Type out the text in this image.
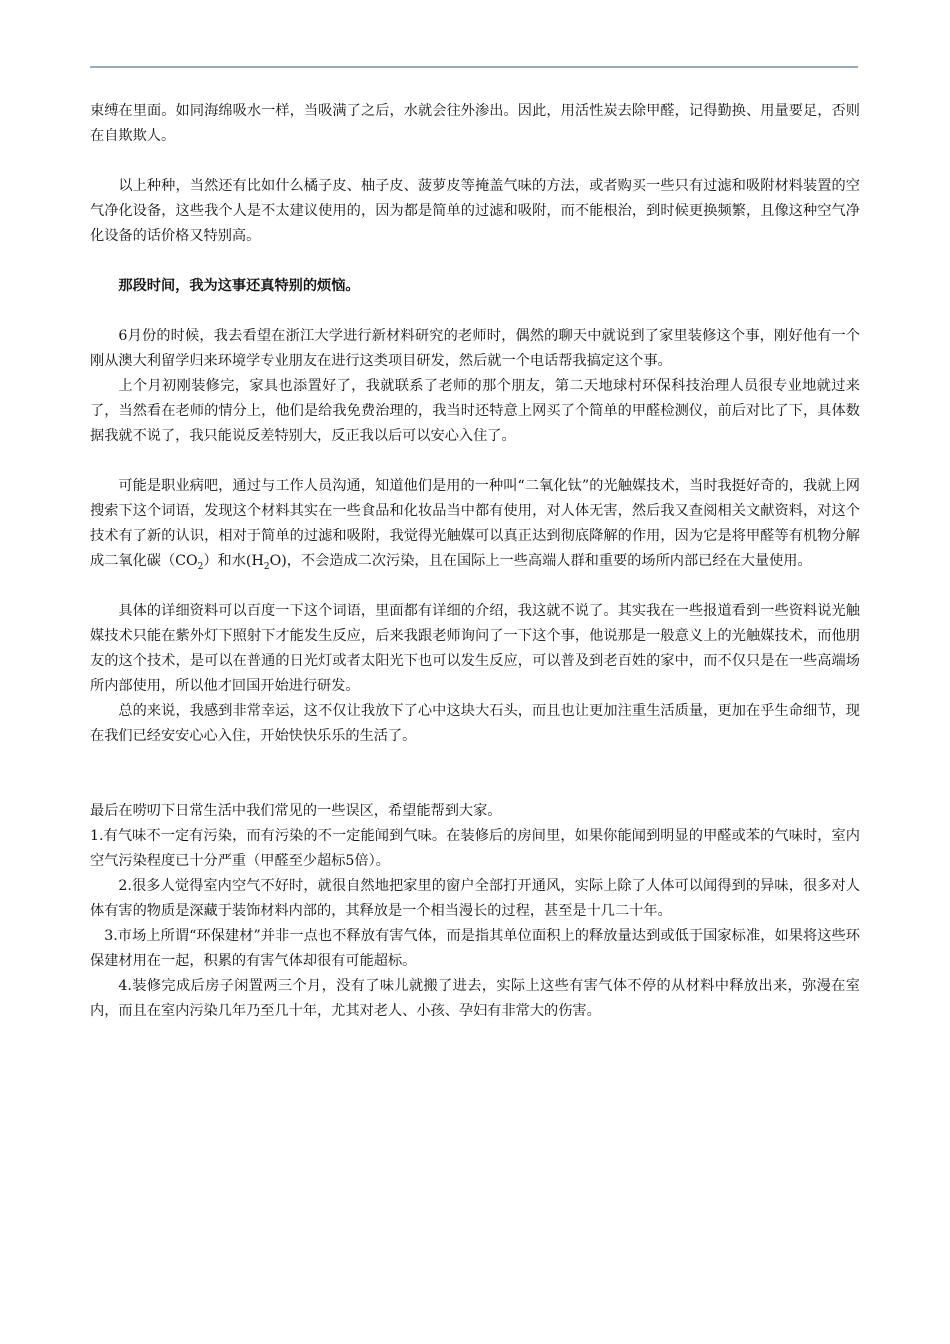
束缚在里面。如同海绵吸水一样，当吸满了之后，水就会往外渗出。因此，用活性炭去除甲醛，记得勤换、用量要足，否则在自欺欺人。

以上种种，当然还有比如什么橘子皮、柚子皮、菠萝皮等掩盖气味的方法，或者购买一些只有过滤和吸附材料装置的空气净化设备，这些我个人是不太建议使用的，因为都是简单的过滤和吸附，而不能根治，到时候更换频繁，且像这种空气净化设备的话价格又特别高。

那段时间，我为这事还真特别的烦恼。

6月份的时候，我去看望在浙江大学进行新材料研究的老师时，偶然的聊天中就说到了家里装修这个事，刚好他有一个刚从澳大利留学归来环境学专业朋友在进行这类项目研发，然后就一个电话帮我搞定这个事。

上个月初刚装修完，家具也添置好了，我就联系了老师的那个朋友，第二天地球村环保科技治理人员很专业地就过来了，当然看在老师的情分上，他们是给我免费治理的，我当时还特意上网买了个简单的甲醛检测仪，前后对比了下，具体数据我就不说了，我只能说反差特别大，反正我以后可以安心入住了。

可能是职业病吧，通过与工作人员沟通，知道他们是用的一种叫“二氧化钛”的光触媒技术，当时我挺好奇的，我就上网搜索下这个词语，发现这个材料其实在一些食品和化妆品当中都有使用，对人体无害，然后我又查阅相关文献资料，对这个技术有了新的认识，相对于简单的过滤和吸附，我觉得光触媒可以真正达到彻底降解的作用，因为它是将甲醛等有机物分解成二氧化碳$(CO_2)$和水$(H_2O)$，不会造成二次污染，且在国际上一些高端人群和重要的场所内部已经在大量使用。

具体的详细资料可以百度一下这个词语，里面都有详细的介绍，我这就不说了。其实我在一些报道看到一些资料说光触媒技术只能在紫外灯下照射下才能发生反应，后来我跟老师询问了一下这个事，他说那是一般意义上的光触媒技术，而他朋友的这个技术，是可以在普通的日光灯或者太阳光下也可以发生反应，可以普及到老百姓的家中，而不仅只是在一些高端场所内部使用，所以他才回国开始进行研发。

总的来说，我感到非常幸运，这不仅让我放下了心中这块大石头，而且也让更加注重生活质量，更加在乎生命细节，现在我们已经安安心心入住，开始快快乐乐的生活了。

最后在唠叨下日常生活中我们常见的一些误区，希望能帮到大家。

1.有气味不一定有污染，而有污染的不一定能闻到气味。在装修后的房间里，如果你能闻到明显的甲醛或苯的气味时，室内空气污染程度已十分严重（甲醛至少超标5倍）。

2.很多人觉得室内空气不好时，就很自然地把家里的窗户全部打开通风，实际上除了人体可以闻得到的异味，很多对人体有害的物质是深藏于装饰材料内部的，其释放是一个相当漫长的过程，甚至是十几二十年。

3.市场上所谓“环保建材”并非一点也不释放有害气体，而是指其单位面积上的释放量达到或低于国家标准，如果将这些环保建材用在一起，积累的有害气体却很有可能超标。

4.装修完成后房子闲置两三个月，没有了味儿就搬了进去，实际上这些有害气体不停的从材料中释放出来，弥漫在室内，而且在室内污染几年乃至几十年，尤其对老人、小孩、孕妇有非常大的伤害。
